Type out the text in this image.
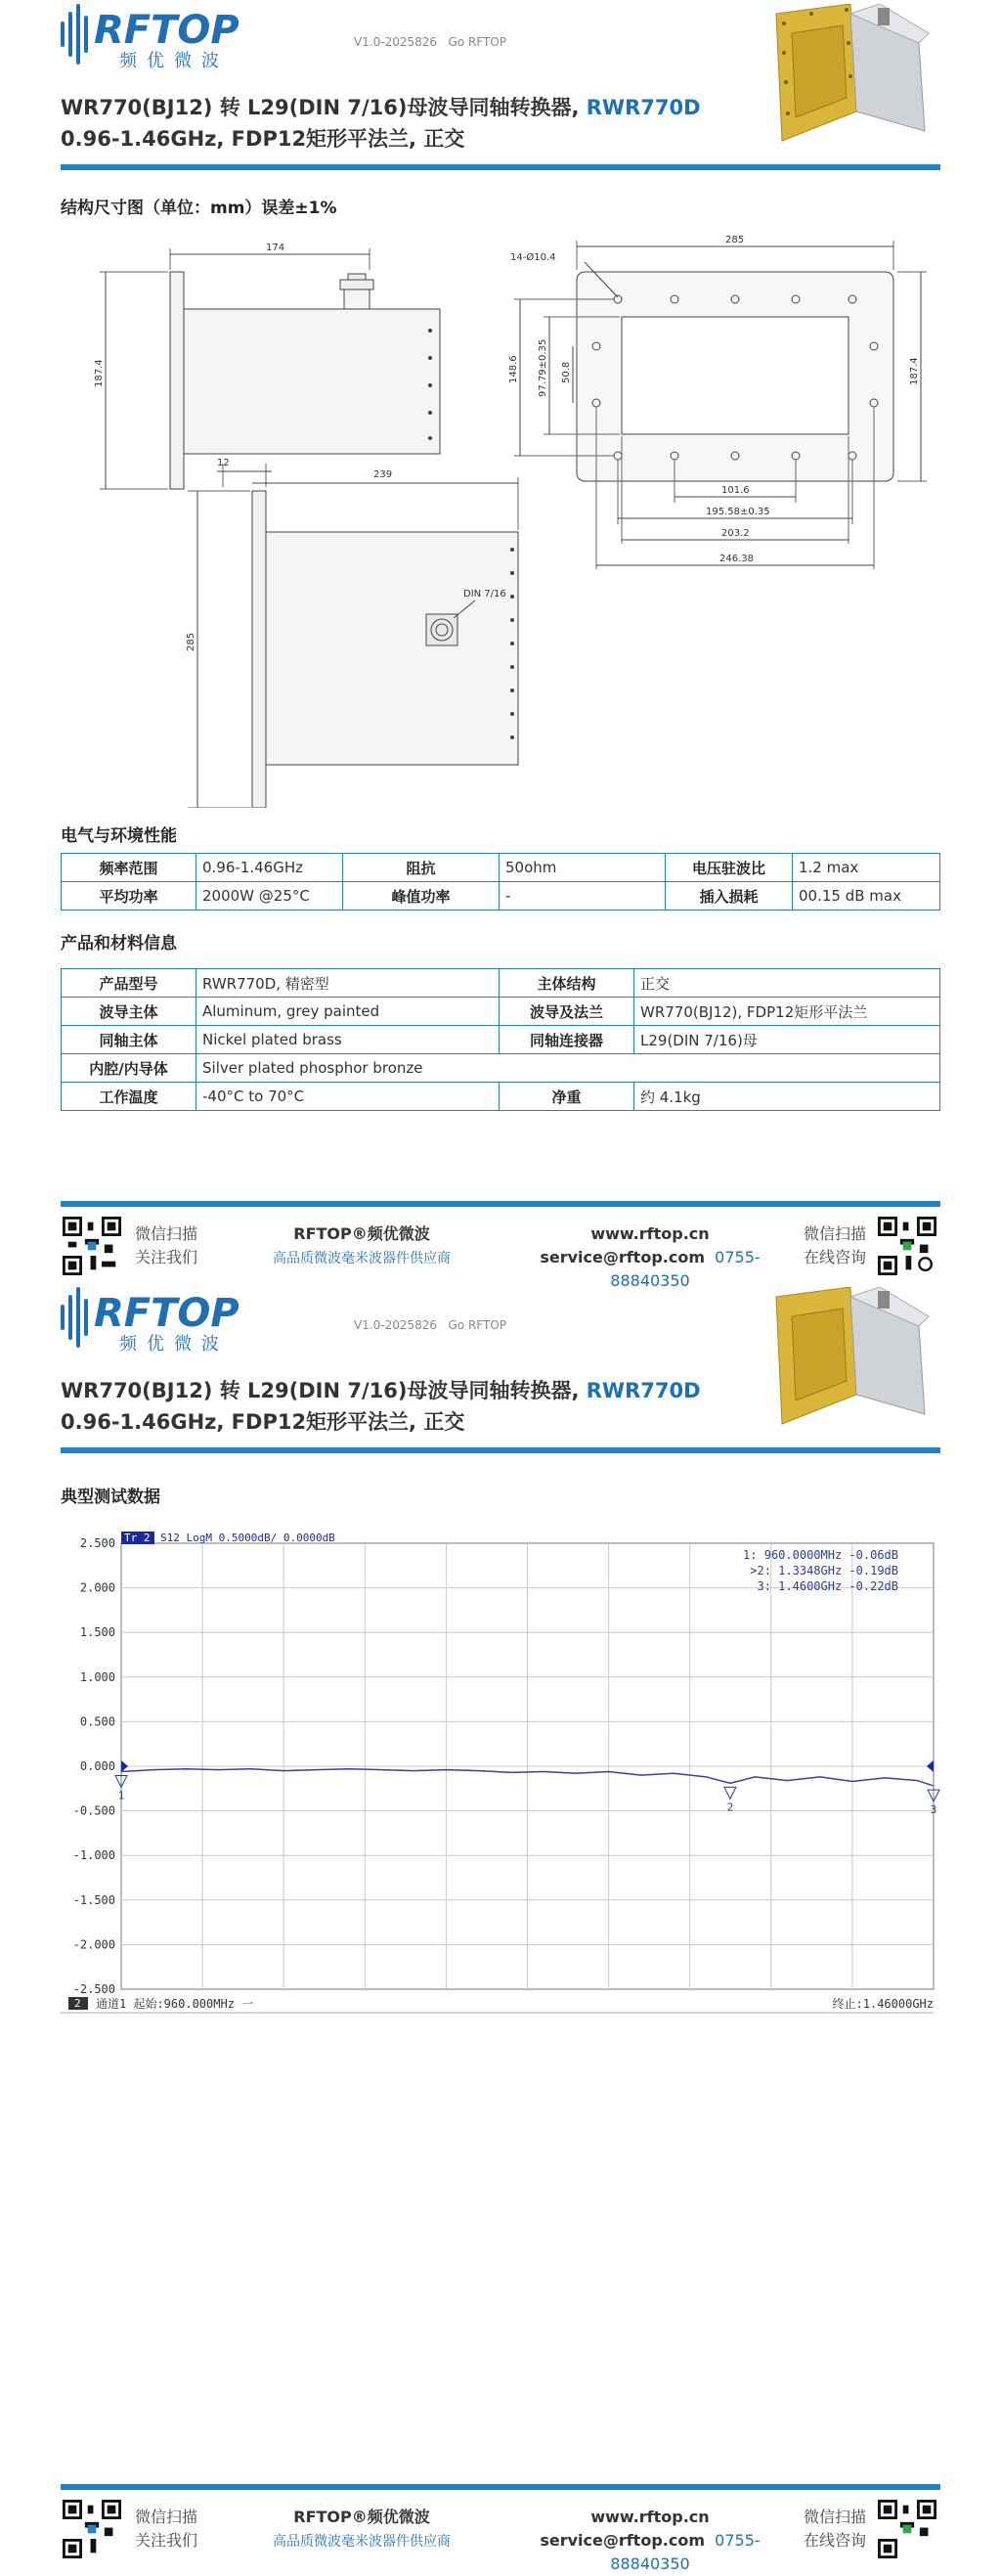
RFTOP
频优微波
V1.0-2025826 Go RFTOP
WR770(BJ12) 转 L29(DIN 7/16)母波导同轴转换器, RWR770D
0.96-1.46GHz, FDP12矩形平法兰, 正交
结构尺寸图（单位：mm）误差±1%
174
187.4
DIN 7/16
12
239
285
14-Ø10.4
285
148.6 97.79±0.35 50.8	187.4
101.6
195.58±0.35
203.2
246.38
电气与环境性能
频率范围	0.96-1.46GHz	阻抗	50ohm	电压驻波比	1.2 max
平均功率	2000W @25°C	峰值功率	-	插入损耗	00.15 dB max
产品和材料信息
产品型号	RWR770D, 精密型	主体结构	正交
波导主体	Aluminum, grey painted	波导及法兰	WR770(BJ12), FDP12矩形平法兰
同轴主体	Nickel plated brass	同轴连接器	L29(DIN 7/16)母
内腔/内导体	Silver plated phosphor bronze		
工作温度	-40°C to 70°C	净重	约 4.1kg
微信扫描
关注我们
RFTOP®频优微波
高品质微波毫米波器件供应商
www.rftop.cn
service@rftop.com 0755-88840350
微信扫描
在线咨询
RFTOP
频优微波
V1.0-2025826 Go RFTOP
WR770(BJ12) 转 L29(DIN 7/16)母波导同轴转换器, RWR770D
0.96-1.46GHz, FDP12矩形平法兰, 正交
典型测试数据
微信扫描
关注我们
RFTOP®频优微波
高品质微波毫米波器件供应商
www.rftop.cn
service@rftop.com 0755-88840350
微信扫描
在线咨询
2.500
2.000
1.500
1.000
0.500
0.000
-0.500
-1.000
-1.500
-2.000
-2.500
Tr 2 S12 LogM 0.5000dB/ 0.0000dB
1: 960.0000MHz -0.06dB
>2: 1.3348GHz -0.19dB
3: 1.4600GHz -0.22dB
1
2	3
2 通道1 起始:960.000MHz 一	终止:1.46000GHz
